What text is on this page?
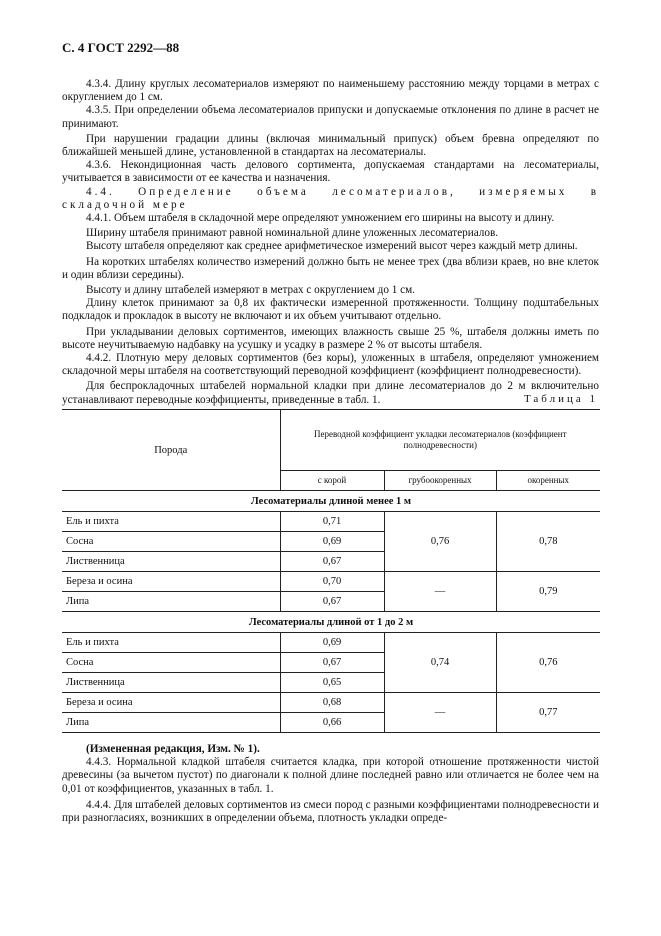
С. 4 ГОСТ 2292—88

4.3.4. Длину круглых лесоматериалов измеряют по наименьшему расстоянию между торцами в метрах с округлением до 1 см.

4.3.5. При определении объема лесоматериалов припуски и допускаемые отклонения по длине в расчет не принимают.

При нарушении градации длины (включая минимальный припуск) объем бревна определяют по ближайшей меньшей длине, установленной в стандартах на лесоматериалы.

4.3.6. Некондиционная часть делового сортимента, допускаемая стандартами на лесоматериалы, учитывается в зависимости от ее качества и назначения.

4.4. Определение объема лесоматериалов, измеряемых в складочной мере

4.4.1. Объем штабеля в складочной мере определяют умножением его ширины на высоту и длину.

Ширину штабеля принимают равной номинальной длине уложенных лесоматериалов.

Высоту штабеля определяют как среднее арифметическое измерений высот через каждый метр длины.

На коротких штабелях количество измерений должно быть не менее трех (два вблизи краев, но вне клеток и один вблизи середины).

Высоту и длину штабелей измеряют в метрах с округлением до 1 см.

Длину клеток принимают за 0,8 их фактически измеренной протяженности. Толщину подштабельных подкладок и прокладок в высоту не включают и их объем учитывают отдельно.

При укладывании деловых сортиментов, имеющих влажность свыше 25 %, штабеля должны иметь по высоте неучитываемую надбавку на усушку и усадку в размере 2 % от высоты штабеля.

4.4.2. Плотную меру деловых сортиментов (без коры), уложенных в штабеля, определяют умножением складочной меры штабеля на соответствующий переводной коэффициент (коэффициент полнодревесности).

Для беспрокладочных штабелей нормальной кладки при длине лесоматериалов до 2 м включительно устанавливают переводные коэффициенты, приведенные в табл. 1.	Таблица 1
Порода	Переводной коэффициент укладки лесоматериалов (коэффициент полнодревесности)		
	с корой	грубоокоренных	окоренных
Лесоматериалы длиной менее 1 м			
Ель и пихта	0,71	0,76	0,78
Сосна	0,69		
Лиственница	0,67		
Береза и осина	0,70	—	0,79
Липа	0,67		
Лесоматериалы длиной от 1 до 2 м			
Ель и пихта	0,69	0,74	0,76
Сосна	0,67		
Лиственница	0,65		
Береза и осина	0,68	—	0,77
Липа	0,66		

(Измененная редакция, Изм. № 1).

4.4.3. Нормальной кладкой штабеля считается кладка, при которой отношение протяженности чистой древесины (за вычетом пустот) по диагонали к полной длине последней равно или отличается не более чем на 0,01 от коэффициентов, указанных в табл. 1.

4.4.4. Для штабелей деловых сортиментов из смеси пород с разными коэффициентами полнодревесности и при разногласиях, возникших в определении объема, плотность укладки опреде-
